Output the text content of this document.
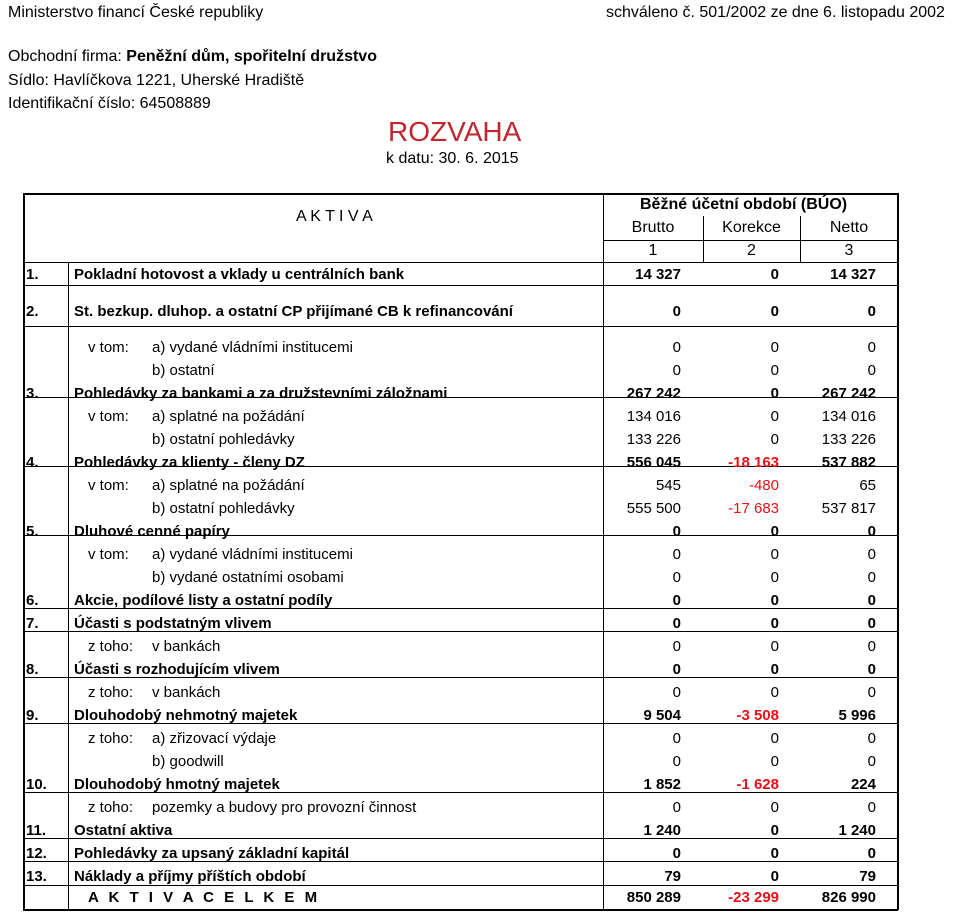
Ministerstvo financí České republiky	schváleno č. 501/2002 ze dne 6. listopadu 2002
Obchodní firma: Peněžní dům, spořitelní družstvo
Sídlo: Havlíčkova 1221, Uherské Hradiště
Identifikační číslo: 64508889
ROZVAHA
k datu: 30. 6. 2015
A K T I V A
Běžné účetní období (BÚO)
Brutto	Korekce	Netto
1	2	3
1. Pokladní hotovost a vklady u centrálních bank	14 327	0	14 327
2. St. bezkup. dluhop. a ostatní CP přijímané CB k refinancování	0	0	0
v tom: a) vydané vládními institucemi	0	0	0
b) ostatní	0	0	0
3. Pohledávky za bankami a za družstevními záložnami	267 242	0	267 242
v tom: a) splatné na požádání	134 016	0	134 016
b) ostatní pohledávky	133 226	0	133 226
4. Pohledávky za klienty - členy DZ	556 045	-18 163	537 882
v tom: a) splatné na požádání	545	-480	65
b) ostatní pohledávky	555 500	-17 683	537 817
5. Dluhové cenné papíry	0	0	0
v tom: a) vydané vládními institucemi	0	0	0
b) vydané ostatními osobami	0	0	0
6. Akcie, podílové listy a ostatní podíly	0	0	0
7. Účasti s podstatným vlivem	0	0	0
z toho: v bankách	0	0	0
8. Účasti s rozhodujícím vlivem	0	0	0
z toho: v bankách	0	0	0
9. Dlouhodobý nehmotný majetek	9 504	-3 508	5 996
z toho: a) zřizovací výdaje	0	0	0
b) goodwill	0	0	0
10. Dlouhodobý hmotný majetek	1 852	-1 628	224
z toho: pozemky a budovy pro provozní činnost	0	0	0
11. Ostatní aktiva	1 240	0	1 240
12. Pohledávky za upsaný základní kapitál	0	0	0
13. Náklady a příjmy příštích období	79	0	79
A K T I V A C E L K E M	850 289	-23 299	826 990
